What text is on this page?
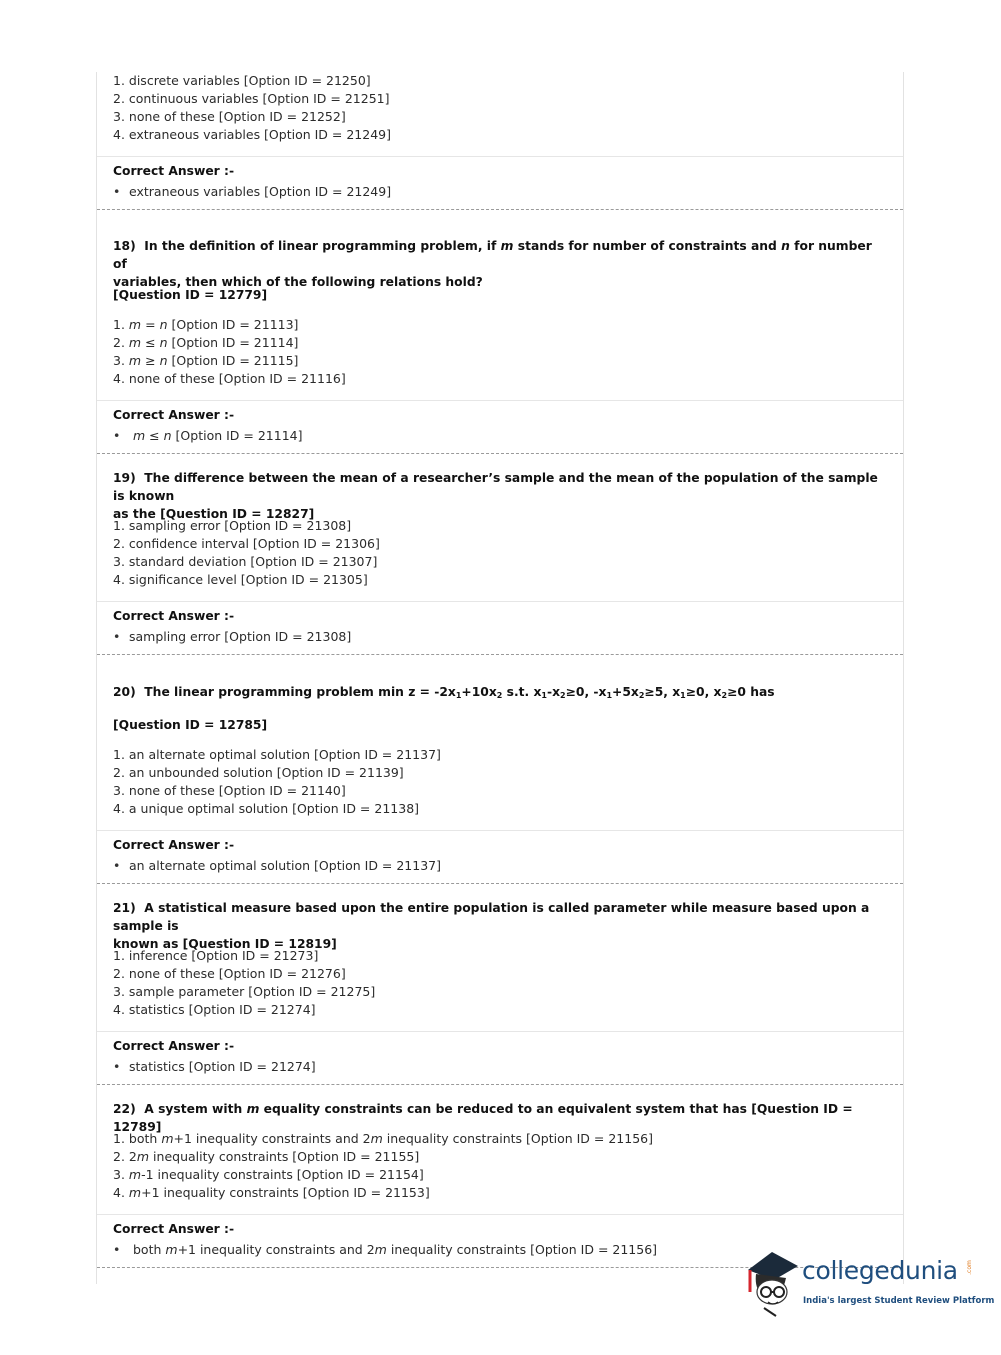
1. discrete variables [Option ID = 21250]
2. continuous variables [Option ID = 21251]
3. none of these [Option ID = 21252]
4. extraneous variables [Option ID = 21249]
Correct Answer :-
• extraneous variables [Option ID = 21249]
18) In the definition of linear programming problem, if m stands for number of constraints and n for number of
variables, then which of the following relations hold?
[Question ID = 12779]
1. m = n [Option ID = 21113]
2. m ≤ n [Option ID = 21114]
3. m ≥ n [Option ID = 21115]
4. none of these [Option ID = 21116]
Correct Answer :-
• m ≤ n [Option ID = 21114]
19) The difference between the mean of a researcher’s sample and the mean of the population of the sample is known
as the [Question ID = 12827]
1. sampling error [Option ID = 21308]
2. confidence interval [Option ID = 21306]
3. standard deviation [Option ID = 21307]
4. significance level [Option ID = 21305]
Correct Answer :-
• sampling error [Option ID = 21308]
20) The linear programming problem $\min z = -2x_1+10x_2$ s.t. $x_1-x_2\ge 0$, $-x_1+5x_2\ge 5$, $x_1\ge 0$, $x_2\ge 0$ has
[Question ID = 12785]
1. an alternate optimal solution [Option ID = 21137]
2. an unbounded solution [Option ID = 21139]
3. none of these [Option ID = 21140]
4. a unique optimal solution [Option ID = 21138]
Correct Answer :-
• an alternate optimal solution [Option ID = 21137]
21) A statistical measure based upon the entire population is called parameter while measure based upon a sample is
known as [Question ID = 12819]
1. inference [Option ID = 21273]
2. none of these [Option ID = 21276]
3. sample parameter [Option ID = 21275]
4. statistics [Option ID = 21274]
Correct Answer :-
• statistics [Option ID = 21274]
22) A system with m equality constraints can be reduced to an equivalent system that has [Question ID = 12789]
1. both m+1 inequality constraints and 2m inequality constraints [Option ID = 21156]
2. 2m inequality constraints [Option ID = 21155]
3. m-1 inequality constraints [Option ID = 21154]
4. m+1 inequality constraints [Option ID = 21153]
Correct Answer :-
• both m+1 inequality constraints and 2m inequality constraints [Option ID = 21156]
collegedunia .com
India's largest Student Review Platform
